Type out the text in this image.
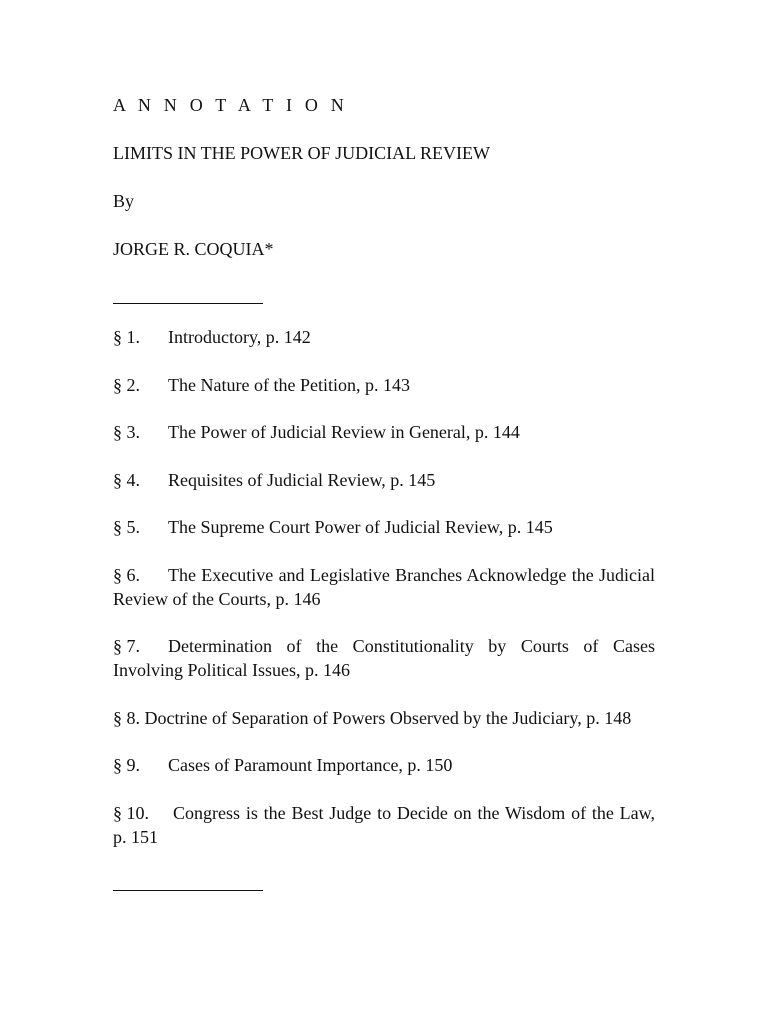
A N N O T A T I O N

LIMITS IN THE POWER OF JUDICIAL REVIEW

By

JORGE R. COQUIA*

§ 1. Introductory, p. 142

§ 2. The Nature of the Petition, p. 143

§ 3. The Power of Judicial Review in General, p. 144

§ 4. Requisites of Judicial Review, p. 145

§ 5. The Supreme Court Power of Judicial Review, p. 145

§ 6. The Executive and Legislative Branches Acknowledge the Judicial Review of the Courts, p. 146

§ 7. Determination of the Constitutionality by Courts of Cases Involving Political Issues, p. 146

§ 8. Doctrine of Separation of Powers Observed by the Judiciary, p. 148

§ 9. Cases of Paramount Importance, p. 150

§ 10. Congress is the Best Judge to Decide on the Wisdom of the Law, p. 151
